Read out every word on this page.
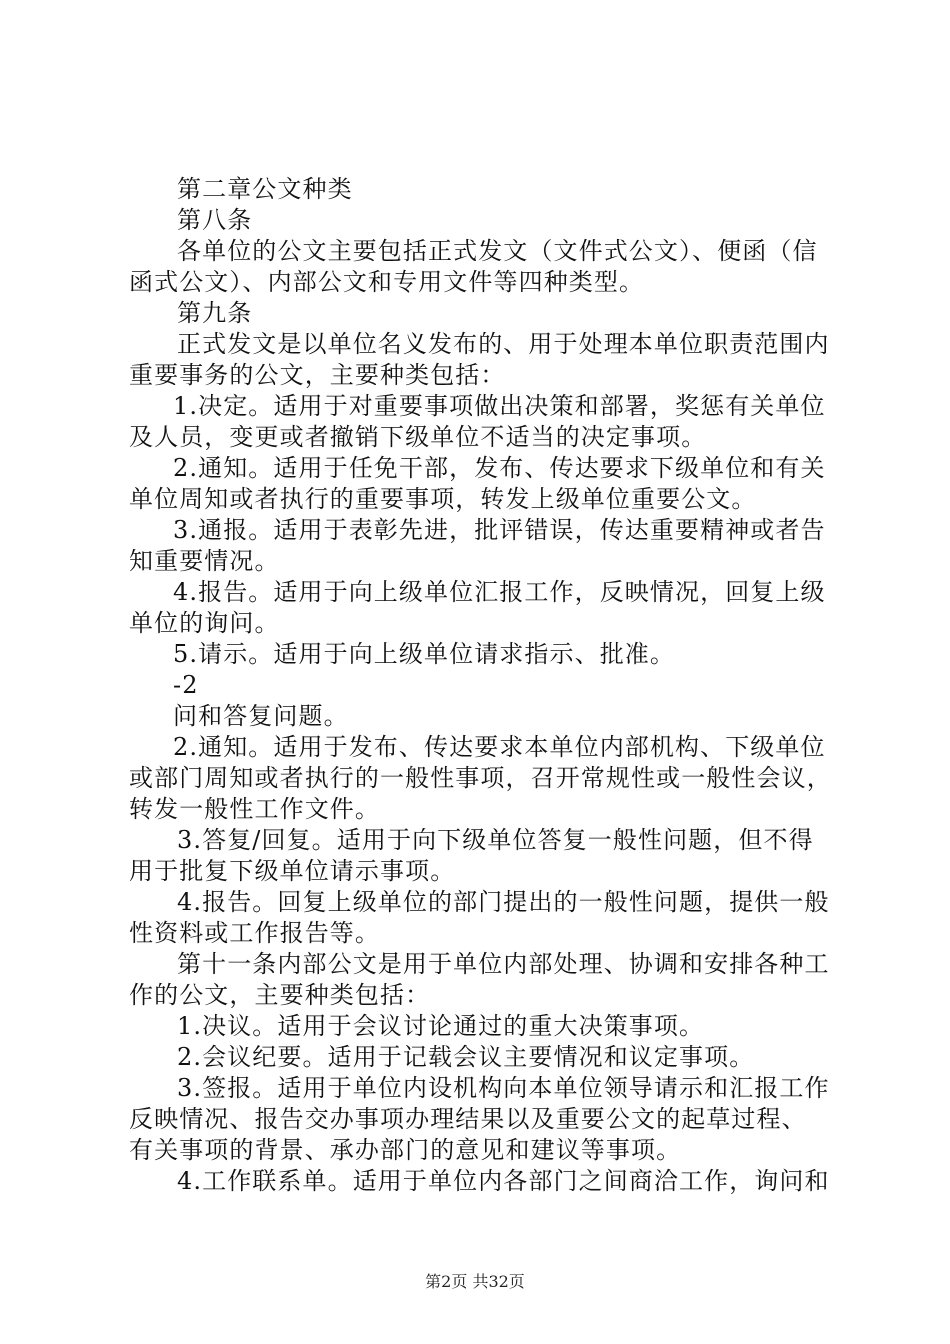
第二章公文种类
第八条
各单位的公文主要包括正式发文（文件式公文）、便函（信
函式公文）、内部公文和专用文件等四种类型。
第九条
正式发文是以单位名义发布的、用于处理本单位职责范围内
重要事务的公文，主要种类包括：
1.决定。适用于对重要事项做出决策和部署，奖惩有关单位
及人员，变更或者撤销下级单位不适当的决定事项。
2.通知。适用于任免干部，发布、传达要求下级单位和有关
单位周知或者执行的重要事项，转发上级单位重要公文。
3.通报。适用于表彰先进，批评错误，传达重要精神或者告
知重要情况。
4.报告。适用于向上级单位汇报工作，反映情况，回复上级
单位的询问。
5.请示。适用于向上级单位请求指示、批准。
-2
问和答复问题。
2.通知。适用于发布、传达要求本单位内部机构、下级单位
或部门周知或者执行的一般性事项，召开常规性或一般性会议，
转发一般性工作文件。
3.答复/回复。适用于向下级单位答复一般性问题，但不得
用于批复下级单位请示事项。
4.报告。回复上级单位的部门提出的一般性问题，提供一般
性资料或工作报告等。
第十一条内部公文是用于单位内部处理、协调和安排各种工
作的公文，主要种类包括：
1.决议。适用于会议讨论通过的重大决策事项。
2.会议纪要。适用于记载会议主要情况和议定事项。
3.签报。适用于单位内设机构向本单位领导请示和汇报工作
反映情况、报告交办事项办理结果以及重要公文的起草过程、
有关事项的背景、承办部门的意见和建议等事项。
4.工作联系单。适用于单位内各部门之间商洽工作，询问和
第2页 共32页
